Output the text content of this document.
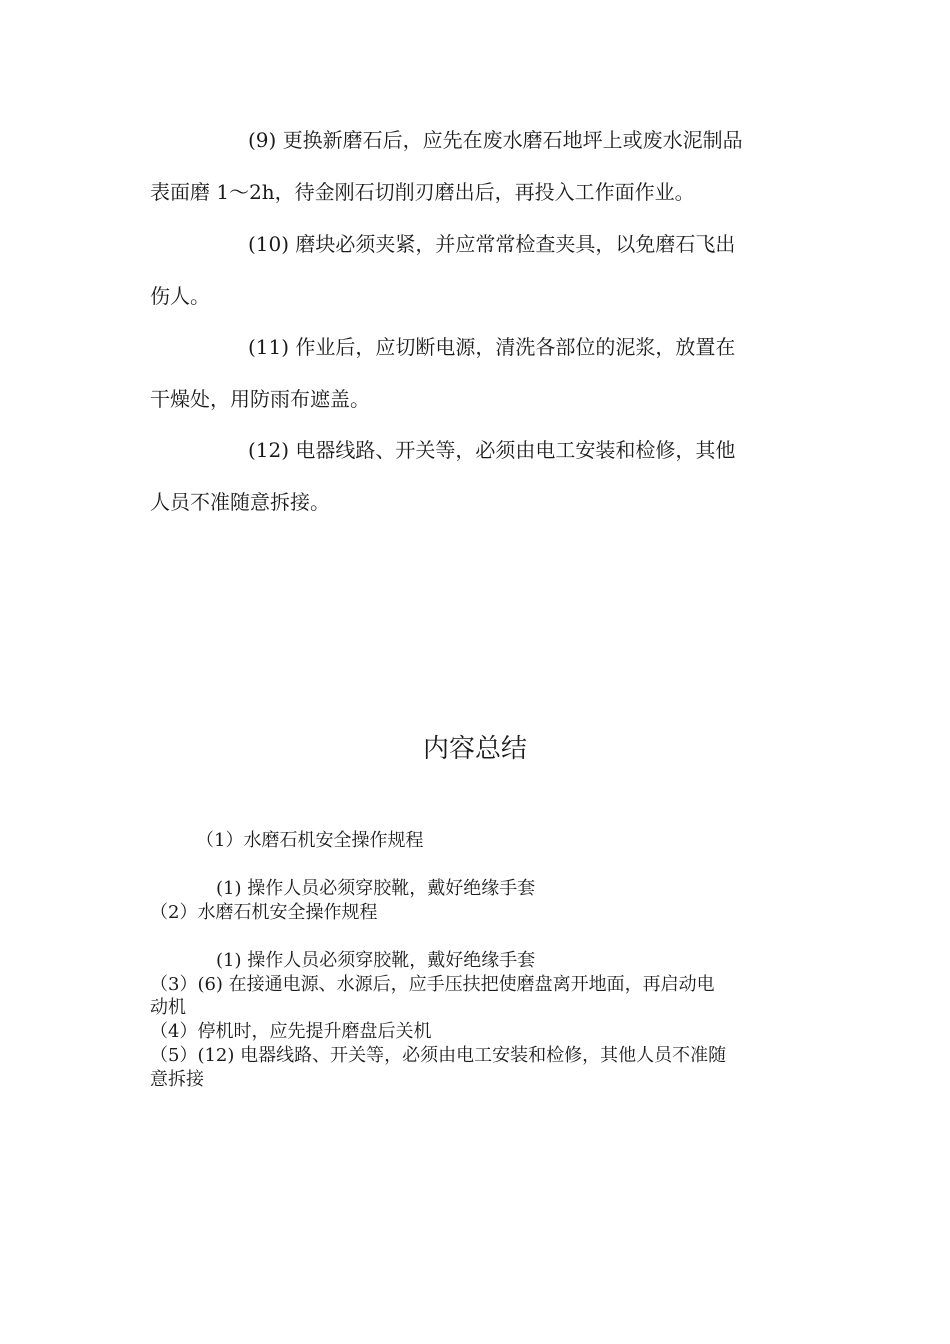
(9) 更换新磨石后，应先在废水磨石地坪上或废水泥制品
表面磨 1～2h，待金刚石切削刃磨出后，再投入工作面作业。
(10) 磨块必须夹紧，并应常常检查夹具，以免磨石飞出
伤人。
(11) 作业后，应切断电源，清洗各部位的泥浆，放置在
干燥处，用防雨布遮盖。
(12) 电器线路、开关等，必须由电工安装和检修，其他
人员不准随意拆接。
内容总结
（1）水磨石机安全操作规程
(1) 操作人员必须穿胶靴，戴好绝缘手套
（2）水磨石机安全操作规程
(1) 操作人员必须穿胶靴，戴好绝缘手套
（3）(6) 在接通电源、水源后，应手压扶把使磨盘离开地面，再启动电
动机
（4）停机时，应先提升磨盘后关机
（5）(12) 电器线路、开关等，必须由电工安装和检修，其他人员不准随
意拆接
